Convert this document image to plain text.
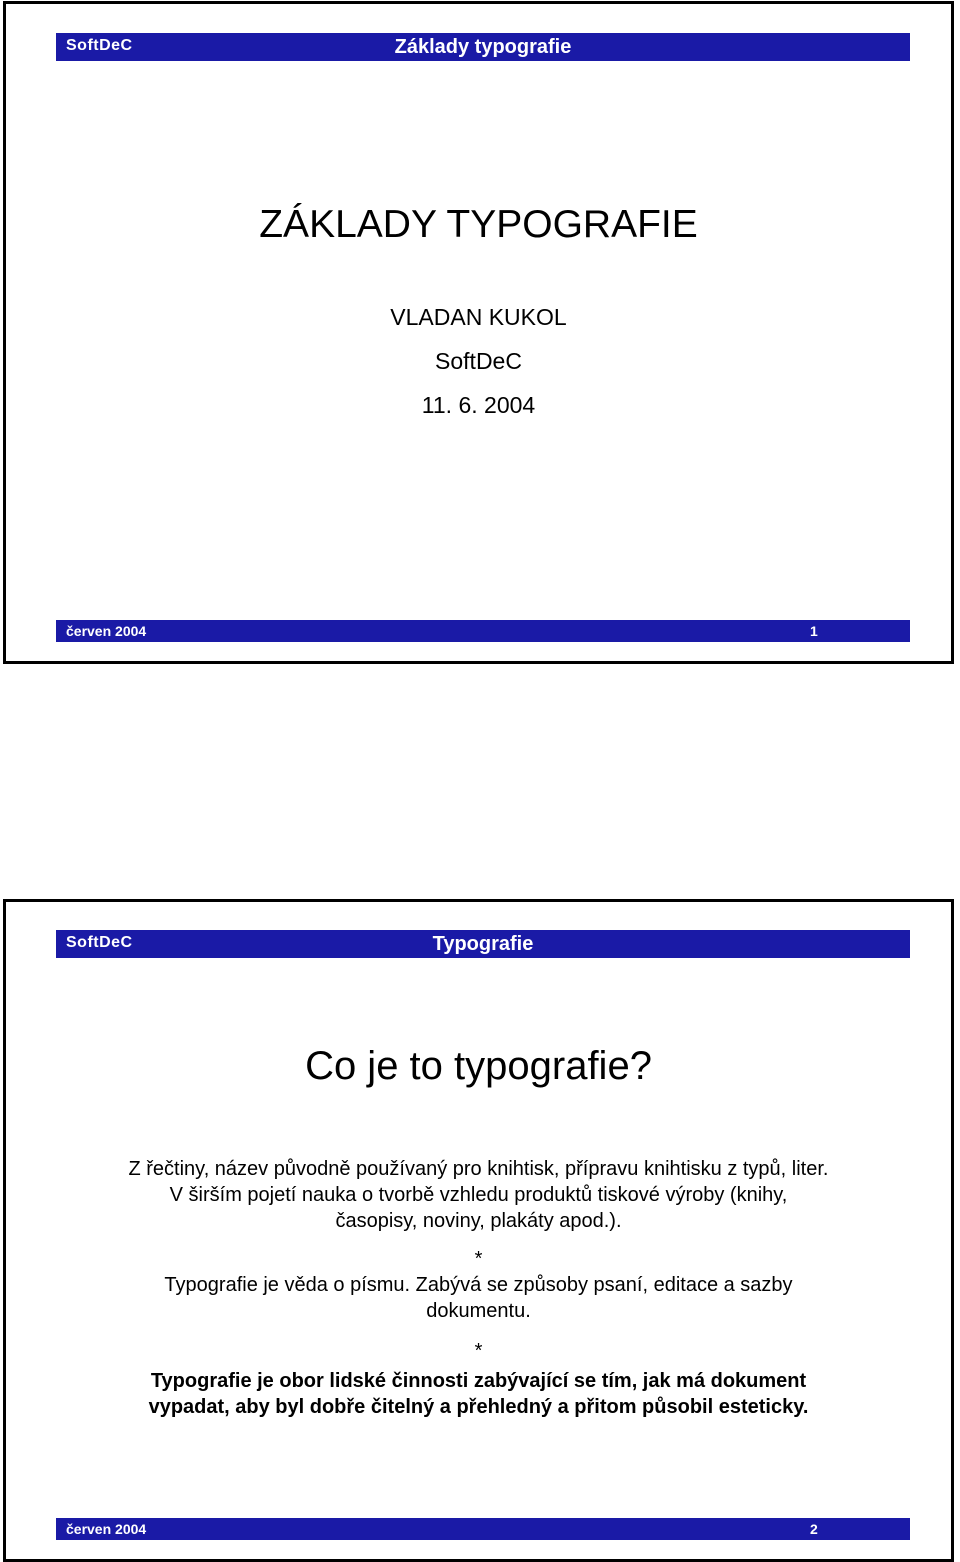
SoftDeC	Základy typografie
ZÁKLADY TYPOGRAFIE
VLADAN KUKOL
SoftDeC
11. 6. 2004
červen 2004	1
SoftDeC	Typografie
Co je to typografie?
Z řečtiny, název původně používaný pro knihtisk, přípravu knihtisku z typů, liter. V širším pojetí nauka o tvorbě vzhledu produktů tiskové výroby (knihy, časopisy, noviny, plakáty apod.).
*
Typografie je věda o písmu. Zabývá se způsoby psaní, editace a sazby dokumentu.
*
Typografie je obor lidské činnosti zabývající se tím, jak má dokument vypadat, aby byl dobře čitelný a přehledný a přitom působil esteticky.
červen 2004	2
